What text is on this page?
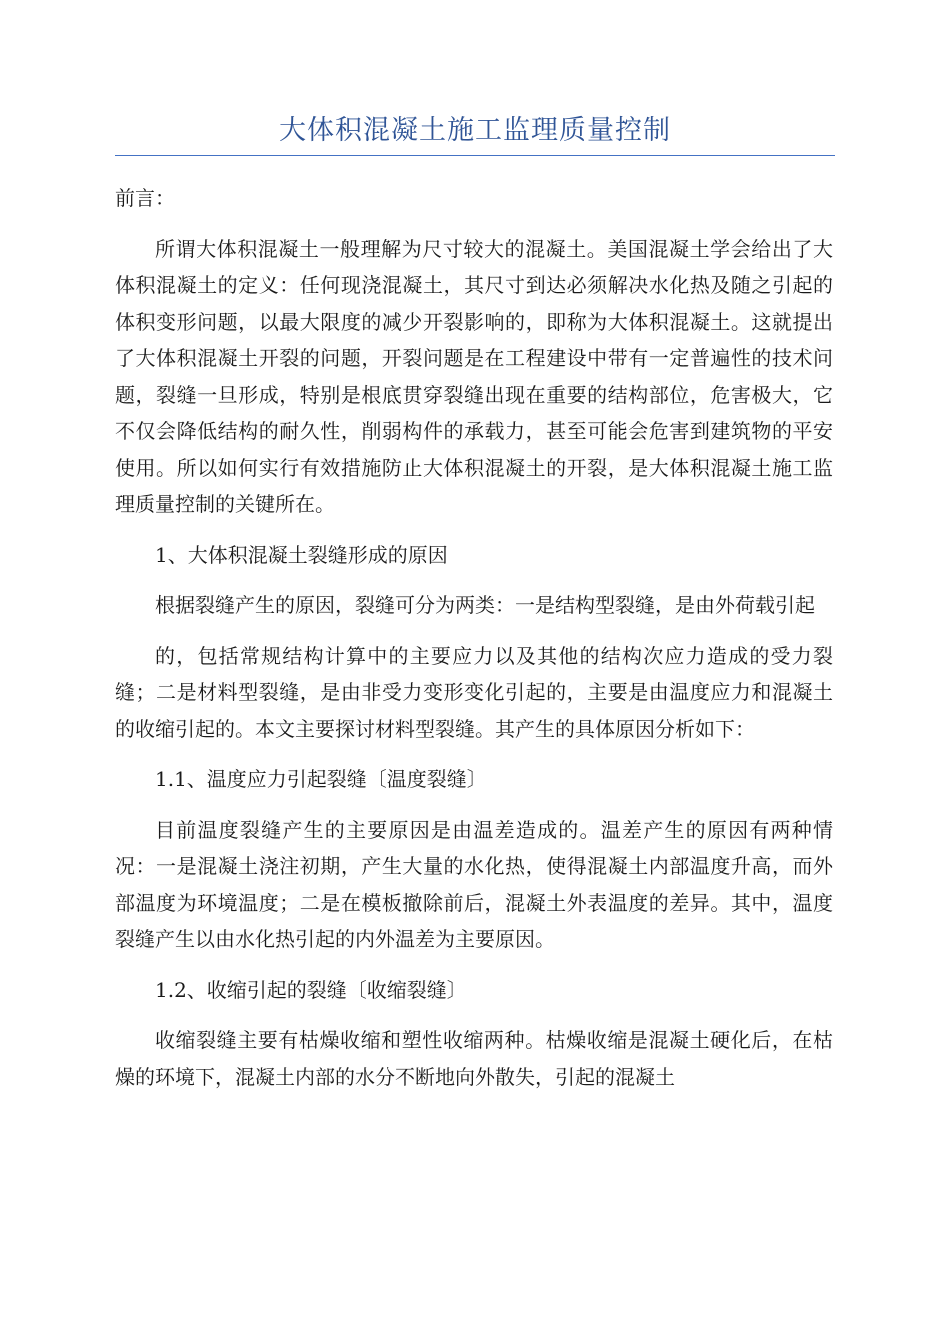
大体积混凝土施工监理质量控制

前言：

所谓大体积混凝土一般理解为尺寸较大的混凝土。美国混凝土学会给出了大体积混凝土的定义：任何现浇混凝土，其尺寸到达必须解决水化热及随之引起的体积变形问题，以最大限度的减少开裂影响的，即称为大体积混凝土。这就提出了大体积混凝土开裂的问题，开裂问题是在工程建设中带有一定普遍性的技术问题，裂缝一旦形成，特别是根底贯穿裂缝出现在重要的结构部位，危害极大，它不仅会降低结构的耐久性，削弱构件的承载力，甚至可能会危害到建筑物的平安使用。所以如何实行有效措施防止大体积混凝土的开裂，是大体积混凝土施工监理质量控制的关键所在。

1、大体积混凝土裂缝形成的原因

根据裂缝产生的原因，裂缝可分为两类：一是结构型裂缝，是由外荷载引起

的，包括常规结构计算中的主要应力以及其他的结构次应力造成的受力裂缝；二是材料型裂缝，是由非受力变形变化引起的，主要是由温度应力和混凝土的收缩引起的。本文主要探讨材料型裂缝。其产生的具体原因分析如下：

1.1、温度应力引起裂缝〔温度裂缝〕

目前温度裂缝产生的主要原因是由温差造成的。温差产生的原因有两种情况：一是混凝土浇注初期，产生大量的水化热，使得混凝土内部温度升高，而外部温度为环境温度；二是在模板撤除前后，混凝土外表温度的差异。其中，温度裂缝产生以由水化热引起的内外温差为主要原因。

1.2、收缩引起的裂缝〔收缩裂缝〕

收缩裂缝主要有枯燥收缩和塑性收缩两种。枯燥收缩是混凝土硬化后，在枯燥的环境下，混凝土内部的水分不断地向外散失，引起的混凝土
